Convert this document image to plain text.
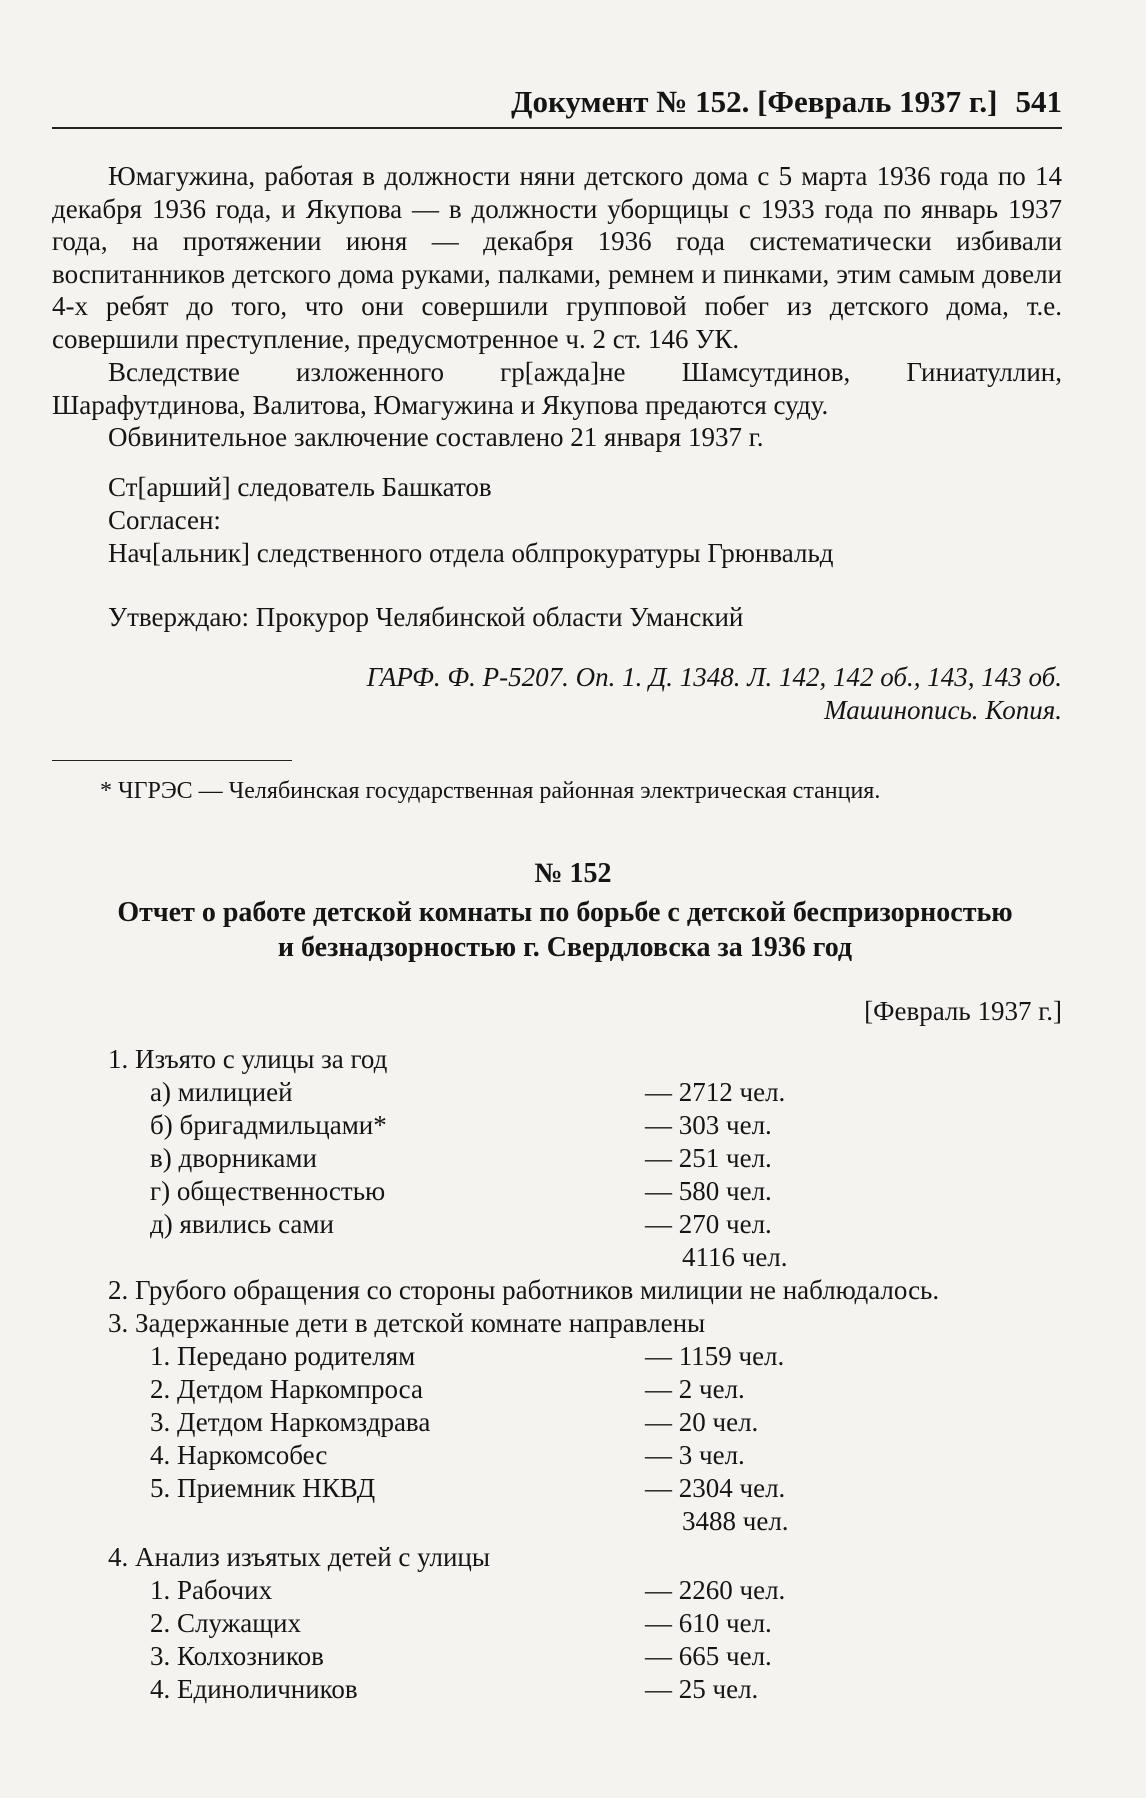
Документ № 152. [Февраль 1937 г.] 541
Юмагужина, работая в должности няни детского дома с 5 марта 1936 года по 14 декабря 1936 года, и Якупова — в должности уборщицы с 1933 года по январь 1937 года, на протяжении июня — декабря 1936 года систематически избивали воспитанников детского дома руками, палками, ремнем и пинками, этим самым довели 4-х ребят до того, что они совершили групповой побег из детского дома, т.е. совершили преступление, предусмотренное ч. 2 ст. 146 УК.
Вследствие изложенного гр[ажда]не Шамсутдинов, Гиниатуллин, Шарафутдинова, Валитова, Юмагужина и Якупова предаются суду.
Обвинительное заключение составлено 21 января 1937 г.
Ст[арший] следователь Башкатов
Согласен:
Нач[альник] следственного отдела облпрокуратуры Грюнвальд
Утверждаю: Прокурор Челябинской области Уманский
ГАРФ. Ф. Р-5207. Оп. 1. Д. 1348. Л. 142, 142 об., 143, 143 об.
Машинопись. Копия.
* ЧГРЭС — Челябинская государственная районная электрическая станция.
№ 152
Отчет о работе детской комнаты по борьбе с детской беспризорностью
и безнадзорностью г. Свердловска за 1936 год
[Февраль 1937 г.]
1. Изъято с улицы за год
а) милицией	— 2712 чел.
б) бригадмильцами*	— 303 чел.
в) дворниками	— 251 чел.
г) общественностью	— 580 чел.
д) явились сами	— 270 чел.
4116 чел.
2. Грубого обращения со стороны работников милиции не наблюдалось.
3. Задержанные дети в детской комнате направлены
1. Передано родителям	— 1159 чел.
2. Детдом Наркомпроса	— 2 чел.
3. Детдом Наркомздрава	— 20 чел.
4. Наркомсобес	— 3 чел.
5. Приемник НКВД	— 2304 чел.
3488 чел.
4. Анализ изъятых детей с улицы
1. Рабочих	— 2260 чел.
2. Служащих	— 610 чел.
3. Колхозников	— 665 чел.
4. Единоличников	— 25 чел.
